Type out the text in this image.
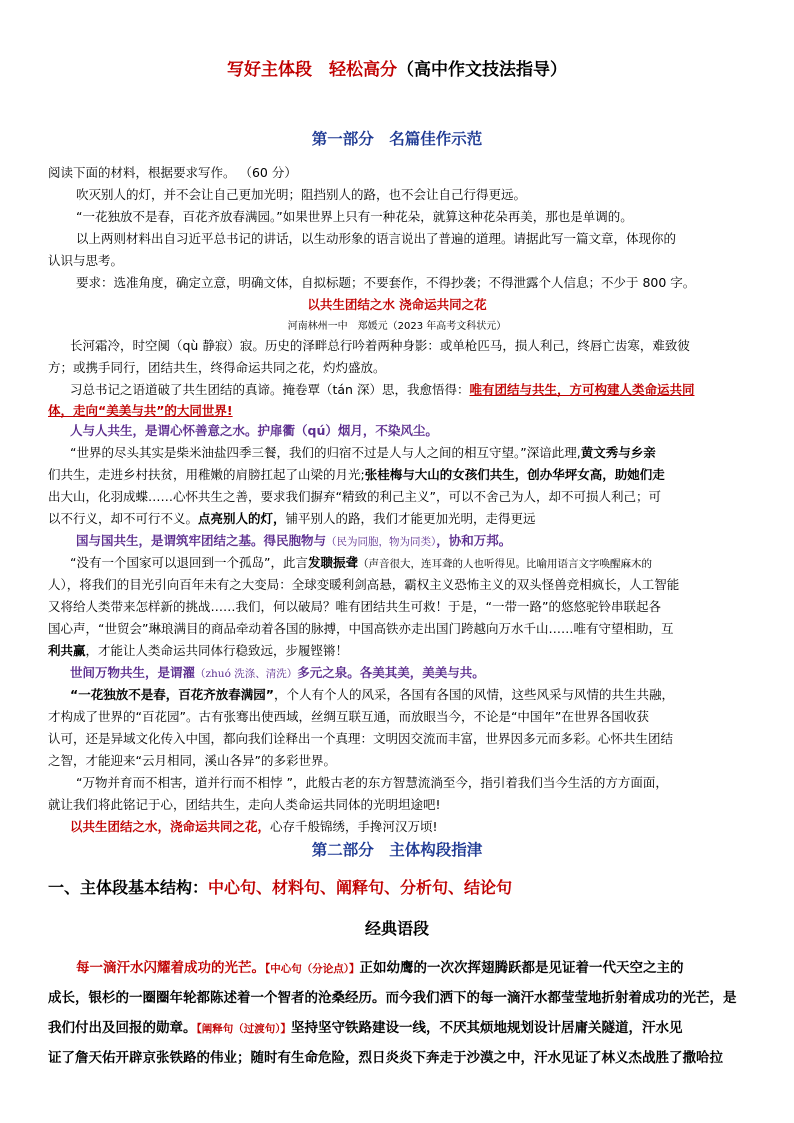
写好主体段　轻松高分（高中作文技法指导）
第一部分　名篇佳作示范
阅读下面的材料，根据要求写作。 （60 分）
吹灭别人的灯，并不会让自己更加光明；阻挡别人的路，也不会让自己行得更远。
“一花独放不是春，百花齐放春满园。”如果世界上只有一种花朵，就算这种花朵再美，那也是单调的。
以上两则材料出自习近平总书记的讲话，以生动形象的语言说出了普遍的道理。请据此写一篇文章，体现你的
认识与思考。
要求：选准角度，确定立意，明确文体，自拟标题；不要套作，不得抄袭；不得泄露个人信息；不少于 800 字。
以共生团结之水 浇命运共同之花
河南林州一中　郑媛元（2023 年高考文科状元）
长河霜冷，时空阒（qù 静寂）寂。历史的泽畔总行吟着两种身影：或单枪匹马，损人利己，终唇亡齿寒，难致彼
方；或携手同行，团结共生，终得命运共同之花，灼灼盛放。
习总书记之语道破了共生团结的真谛。掩卷覃（tán 深）思，我愈悟得：唯有团结与共生，方可构建人类命运共同
体，走向“美美与共”的大同世界!
人与人共生，是谓心怀善意之水。护扉衢（qú）烟月，不染风尘。
“世界的尽头其实是柴米油盐四季三餐，我们的归宿不过是人与人之间的相互守望。”深谙此理,黄文秀与乡亲
们共生，走进乡村扶贫，用稚嫩的肩膀扛起了山梁的月光;张桂梅与大山的女孩们共生，创办华坪女高，助她们走
出大山，化羽成蝶……心怀共生之善，要求我们摒弃“精致的利己主义”，可以不舍己为人，却不可损人利己；可
以不行义，却不可行不义。点亮别人的灯，铺平别人的路，我们才能更加光明，走得更远
国与国共生，是谓筑牢团结之基。得民胞物与（民为同胞，物为同类），协和万邦。
“没有一个国家可以退回到一个孤岛”，此言发聩振聋（声音很大，连耳聋的人也听得见。比喻用语言文字唤醒麻木的
人），将我们的目光引向百年未有之大变局：全球变暖利剑高悬，霸权主义恐怖主义的双头怪兽竞相疯长，人工智能
又将给人类带来怎样新的挑战……我们，何以破局？唯有团结共生可救！于是，“一带一路”的悠悠驼铃串联起各
国心声，“世贸会”琳琅满目的商品牵动着各国的脉搏，中国高铁亦走出国门跨越向万水千山……唯有守望相助，互
利共赢，才能让人类命运共同体行稳致远，步履铿锵！
世间万物共生，是谓濯（zhuó 洗涤、清洗）多元之泉。各美其美，美美与共。
“一花独放不是春，百花齐放春满园”，个人有个人的风采，各国有各国的风情，这些风采与风情的共生共融，
才构成了世界的“百花园”。古有张骞出使西域，丝绸互联互通，而放眼当今，不论是“中国年”在世界各国收获
认可，还是异域文化传入中国，都向我们诠释出一个真理：文明因交流而丰富，世界因多元而多彩。心怀共生团结
之智，才能迎来“云月相同，溪山各异”的多彩世界。
“万物并育而不相害，道并行而不相悖 ”，此般古老的东方智慧流淌至今，指引着我们当今生活的方方面面，
就让我们将此铭记于心，团结共生，走向人类命运共同体的光明坦途吧!
以共生团结之水，浇命运共同之花，心存千般锦绣，手搀河汉万顷!
第二部分　主体构段指津
一、主体段基本结构：中心句、材料句、阐释句、分析句、结论句
经典语段
每一滴汗水闪耀着成功的光芒。【中心句（分论点）】正如幼鹰的一次次挥翅腾跃都是见证着一代天空之主的
成长，银杉的一圈圈年轮都陈述着一个智者的沧桑经历。而今我们洒下的每一滴汗水都莹莹地折射着成功的光芒，是
我们付出及回报的勋章。【阐释句（过渡句）】坚持坚守铁路建设一线，不厌其烦地规划设计居庸关隧道，汗水见
证了詹天佑开辟京张铁路的伟业；随时有生命危险，烈日炎炎下奔走于沙漠之中，汗水见证了林义杰战胜了撒哈拉
